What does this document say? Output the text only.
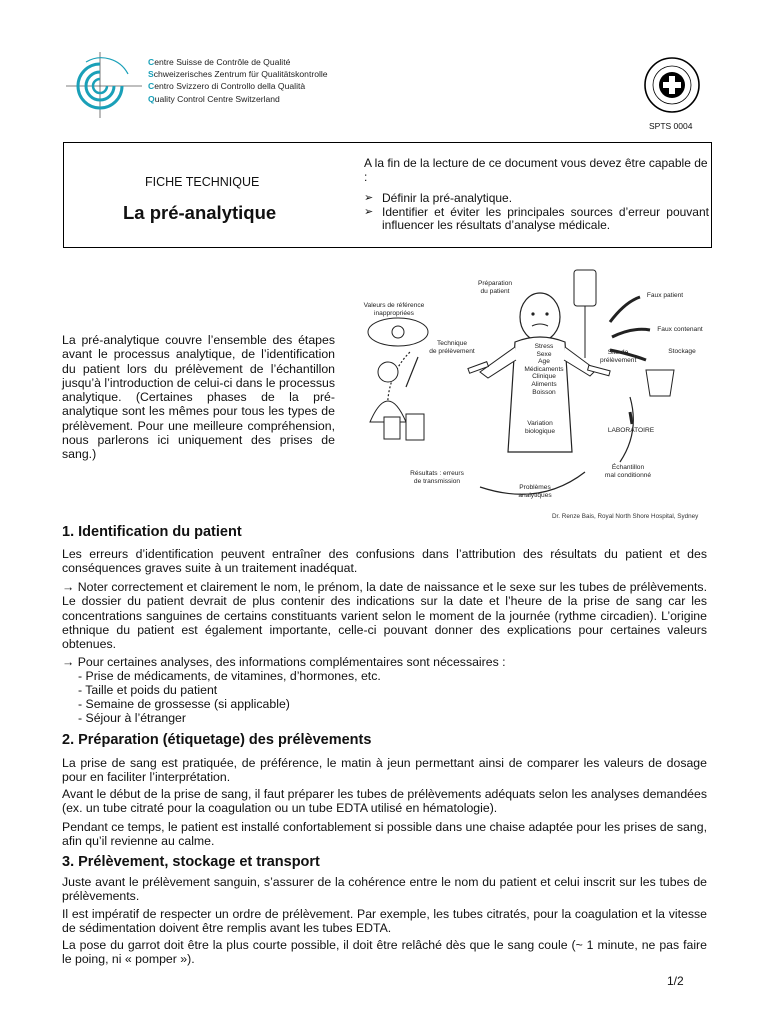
Centre Suisse de Contrôle de Qualité
Schweizerisches Zentrum für Qualitätskontrolle
Centro Svizzero di Controllo della Qualità
Quality Control Centre Switzerland
SPTS 0004
FICHE TECHNIQUE
La pré-analytique
A la fin de la lecture de ce document vous devez être capable de :
➢ Définir la pré-analytique.
➢ Identifier et éviter les principales sources d’erreur pouvant influencer les résultats d’analyse médicale.
La pré-analytique couvre l’ensemble des étapes avant le processus analytique, de l’identification du patient lors du prélèvement de l’échantillon jusqu’à l’introduction de celui-ci dans le processus analytique. (Certaines phases de la pré-analytique sont les mêmes pour tous les types de prélèvement. Pour une meilleure compréhension, nous parlerons ici uniquement des prises de sang.)
Préparation
du patient
Valeurs de référence
inappropriées
Technique
de prélèvement
Stress
Sexe
Age
Médicaments
Clinique
Aliments
Boisson
Site de
prélèvement
Faux patient
Faux contenant
Stockage
LABORATOIRE
Variation
biologique
Échantillon
mal conditionné
Résultats : erreurs
de transmission
Problèmes
analytiques
Dr. Renze Bais, Royal North Shore Hospital, Sydney
1. Identification du patient

Les erreurs d’identification peuvent entraîner des confusions dans l’attribution des résultats du patient et des conséquences graves suite à un traitement inadéquat.

→ Noter correctement et clairement le nom, le prénom, la date de naissance et le sexe sur les tubes de prélèvements. Le dossier du patient devrait de plus contenir des indications sur la date et l’heure de la prise de sang car les concentrations sanguines de certains constituants varient selon le moment de la journée (rythme circadien). L’origine ethnique du patient est également importante, celle-ci pouvant donner des explications pour certaines valeurs obtenues.

→ Pour certaines analyses, des informations complémentaires sont nécessaires :

- Prise de médicaments, de vitamines, d’hormones, etc.

- Taille et poids du patient

- Semaine de grossesse (si applicable)

- Séjour à l’étranger

2. Préparation (étiquetage) des prélèvements

La prise de sang est pratiquée, de préférence, le matin à jeun permettant ainsi de comparer les valeurs de dosage pour en faciliter l’interprétation.

Avant le début de la prise de sang, il faut préparer les tubes de prélèvements adéquats selon les analyses demandées (ex. un tube citraté pour la coagulation ou un tube EDTA utilisé en hématologie).

Pendant ce temps, le patient est installé confortablement si possible dans une chaise adaptée pour les prises de sang, afin qu’il revienne au calme.

3. Prélèvement, stockage et transport

Juste avant le prélèvement sanguin, s’assurer de la cohérence entre le nom du patient et celui inscrit sur les tubes de prélèvements.

Il est impératif de respecter un ordre de prélèvement. Par exemple, les tubes citratés, pour la coagulation et la vitesse de sédimentation doivent être remplis avant les tubes EDTA.

La pose du garrot doit être la plus courte possible, il doit être relâché dès que le sang coule (~ 1 minute, ne pas faire le poing, ni « pomper »).

1/2
